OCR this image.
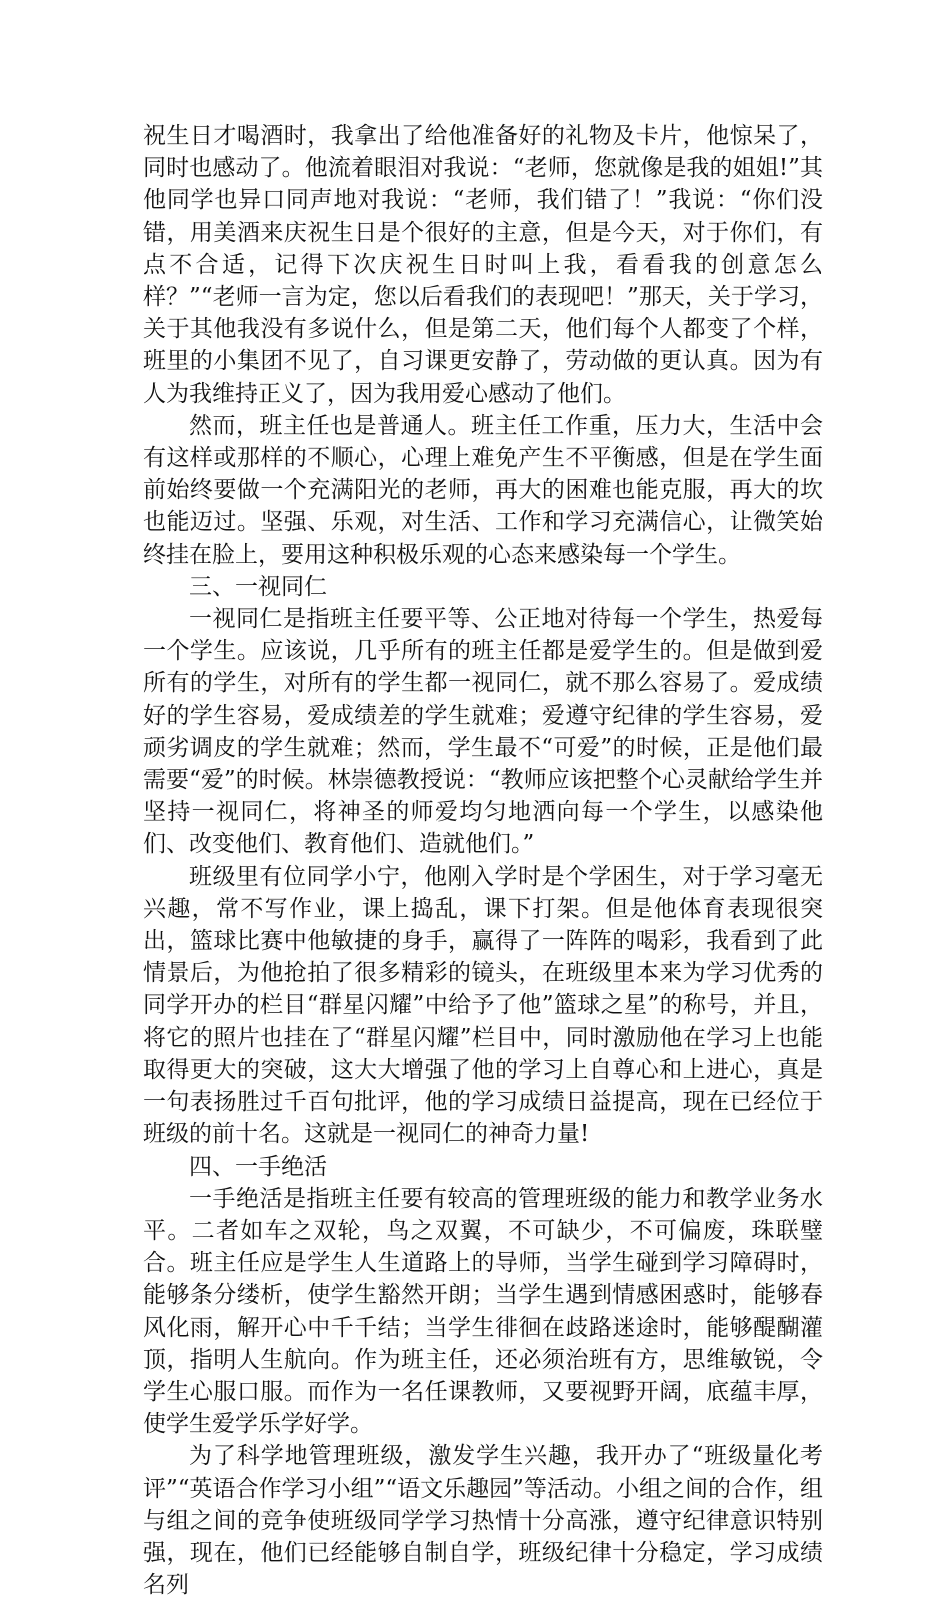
祝生日才喝酒时，我拿出了给他准备好的礼物及卡片，他惊呆了，同时也感动了。他流着眼泪对我说：“老师，您就像是我的姐姐!”其他同学也异口同声地对我说：“老师，我们错了！”我说：“你们没错，用美酒来庆祝生日是个很好的主意，但是今天，对于你们，有点不合适，记得下次庆祝生日时叫上我，看看我的创意怎么样？”“老师一言为定，您以后看我们的表现吧！”那天，关于学习，关于其他我没有多说什么，但是第二天，他们每个人都变了个样，班里的小集团不见了，自习课更安静了，劳动做的更认真。因为有人为我维持正义了，因为我用爱心感动了他们。

然而，班主任也是普通人。班主任工作重，压力大，生活中会有这样或那样的不顺心，心理上难免产生不平衡感，但是在学生面前始终要做一个充满阳光的老师，再大的困难也能克服，再大的坎也能迈过。坚强、乐观，对生活、工作和学习充满信心，让微笑始终挂在脸上，要用这种积极乐观的心态来感染每一个学生。

三、一视同仁

一视同仁是指班主任要平等、公正地对待每一个学生，热爱每一个学生。应该说，几乎所有的班主任都是爱学生的。但是做到爱所有的学生，对所有的学生都一视同仁，就不那么容易了。爱成绩好的学生容易，爱成绩差的学生就难；爱遵守纪律的学生容易，爱顽劣调皮的学生就难；然而，学生最不“可爱”的时候，正是他们最需要“爱”的时候。林崇德教授说：“教师应该把整个心灵献给学生并坚持一视同仁，将神圣的师爱均匀地洒向每一个学生，以感染他们、改变他们、教育他们、造就他们。”

班级里有位同学小宁，他刚入学时是个学困生，对于学习毫无兴趣，常不写作业，课上捣乱，课下打架。但是他体育表现很突出，篮球比赛中他敏捷的身手，赢得了一阵阵的喝彩，我看到了此情景后，为他抢拍了很多精彩的镜头，在班级里本来为学习优秀的同学开办的栏目“群星闪耀”中给予了他”篮球之星”的称号，并且，将它的照片也挂在了“群星闪耀”栏目中，同时激励他在学习上也能取得更大的突破，这大大增强了他的学习上自尊心和上进心，真是一句表扬胜过千百句批评，他的学习成绩日益提高，现在已经位于班级的前十名。这就是一视同仁的神奇力量!

四、一手绝活

一手绝活是指班主任要有较高的管理班级的能力和教学业务水平。二者如车之双轮，鸟之双翼，不可缺少，不可偏废，珠联璧合。班主任应是学生人生道路上的导师，当学生碰到学习障碍时，能够条分缕析，使学生豁然开朗；当学生遇到情感困惑时，能够春风化雨，解开心中千千结；当学生徘徊在歧路迷途时，能够醍醐灌顶，指明人生航向。作为班主任，还必须治班有方，思维敏锐，令学生心服口服。而作为一名任课教师，又要视野开阔，底蕴丰厚，使学生爱学乐学好学。

为了科学地管理班级，激发学生兴趣，我开办了“班级量化考评”“英语合作学习小组”“语文乐趣园”等活动。小组之间的合作，组与组之间的竞争使班级同学学习热情十分高涨，遵守纪律意识特别强，现在，他们已经能够自制自学，班级纪律十分稳定，学习成绩名列
